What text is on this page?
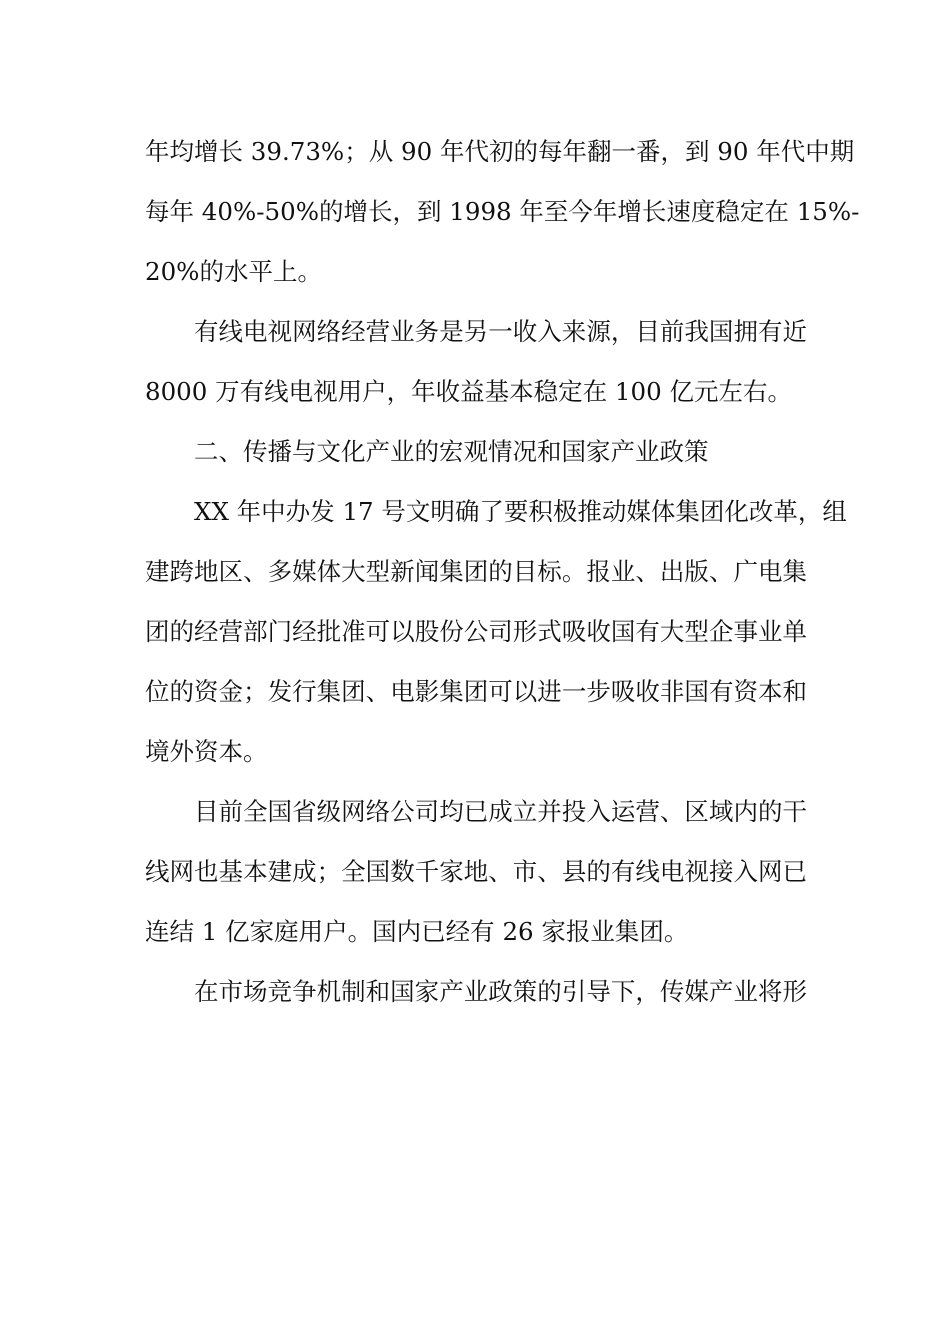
年均增长 39.73%；从 90 年代初的每年翻一番，到 90 年代中期
每年 40%-50%的增长，到 1998 年至今年增长速度稳定在 15%-
20%的水平上。
有线电视网络经营业务是另一收入来源，目前我国拥有近
8000 万有线电视用户，年收益基本稳定在 100 亿元左右。
二、传播与文化产业的宏观情况和国家产业政策
XX 年中办发 17 号文明确了要积极推动媒体集团化改革，组
建跨地区、多媒体大型新闻集团的目标。报业、出版、广电集
团的经营部门经批准可以股份公司形式吸收国有大型企事业单
位的资金；发行集团、电影集团可以进一步吸收非国有资本和
境外资本。
目前全国省级网络公司均已成立并投入运营、区域内的干
线网也基本建成；全国数千家地、市、县的有线电视接入网已
连结 1 亿家庭用户。国内已经有 26 家报业集团。
在市场竞争机制和国家产业政策的引导下，传媒产业将形
